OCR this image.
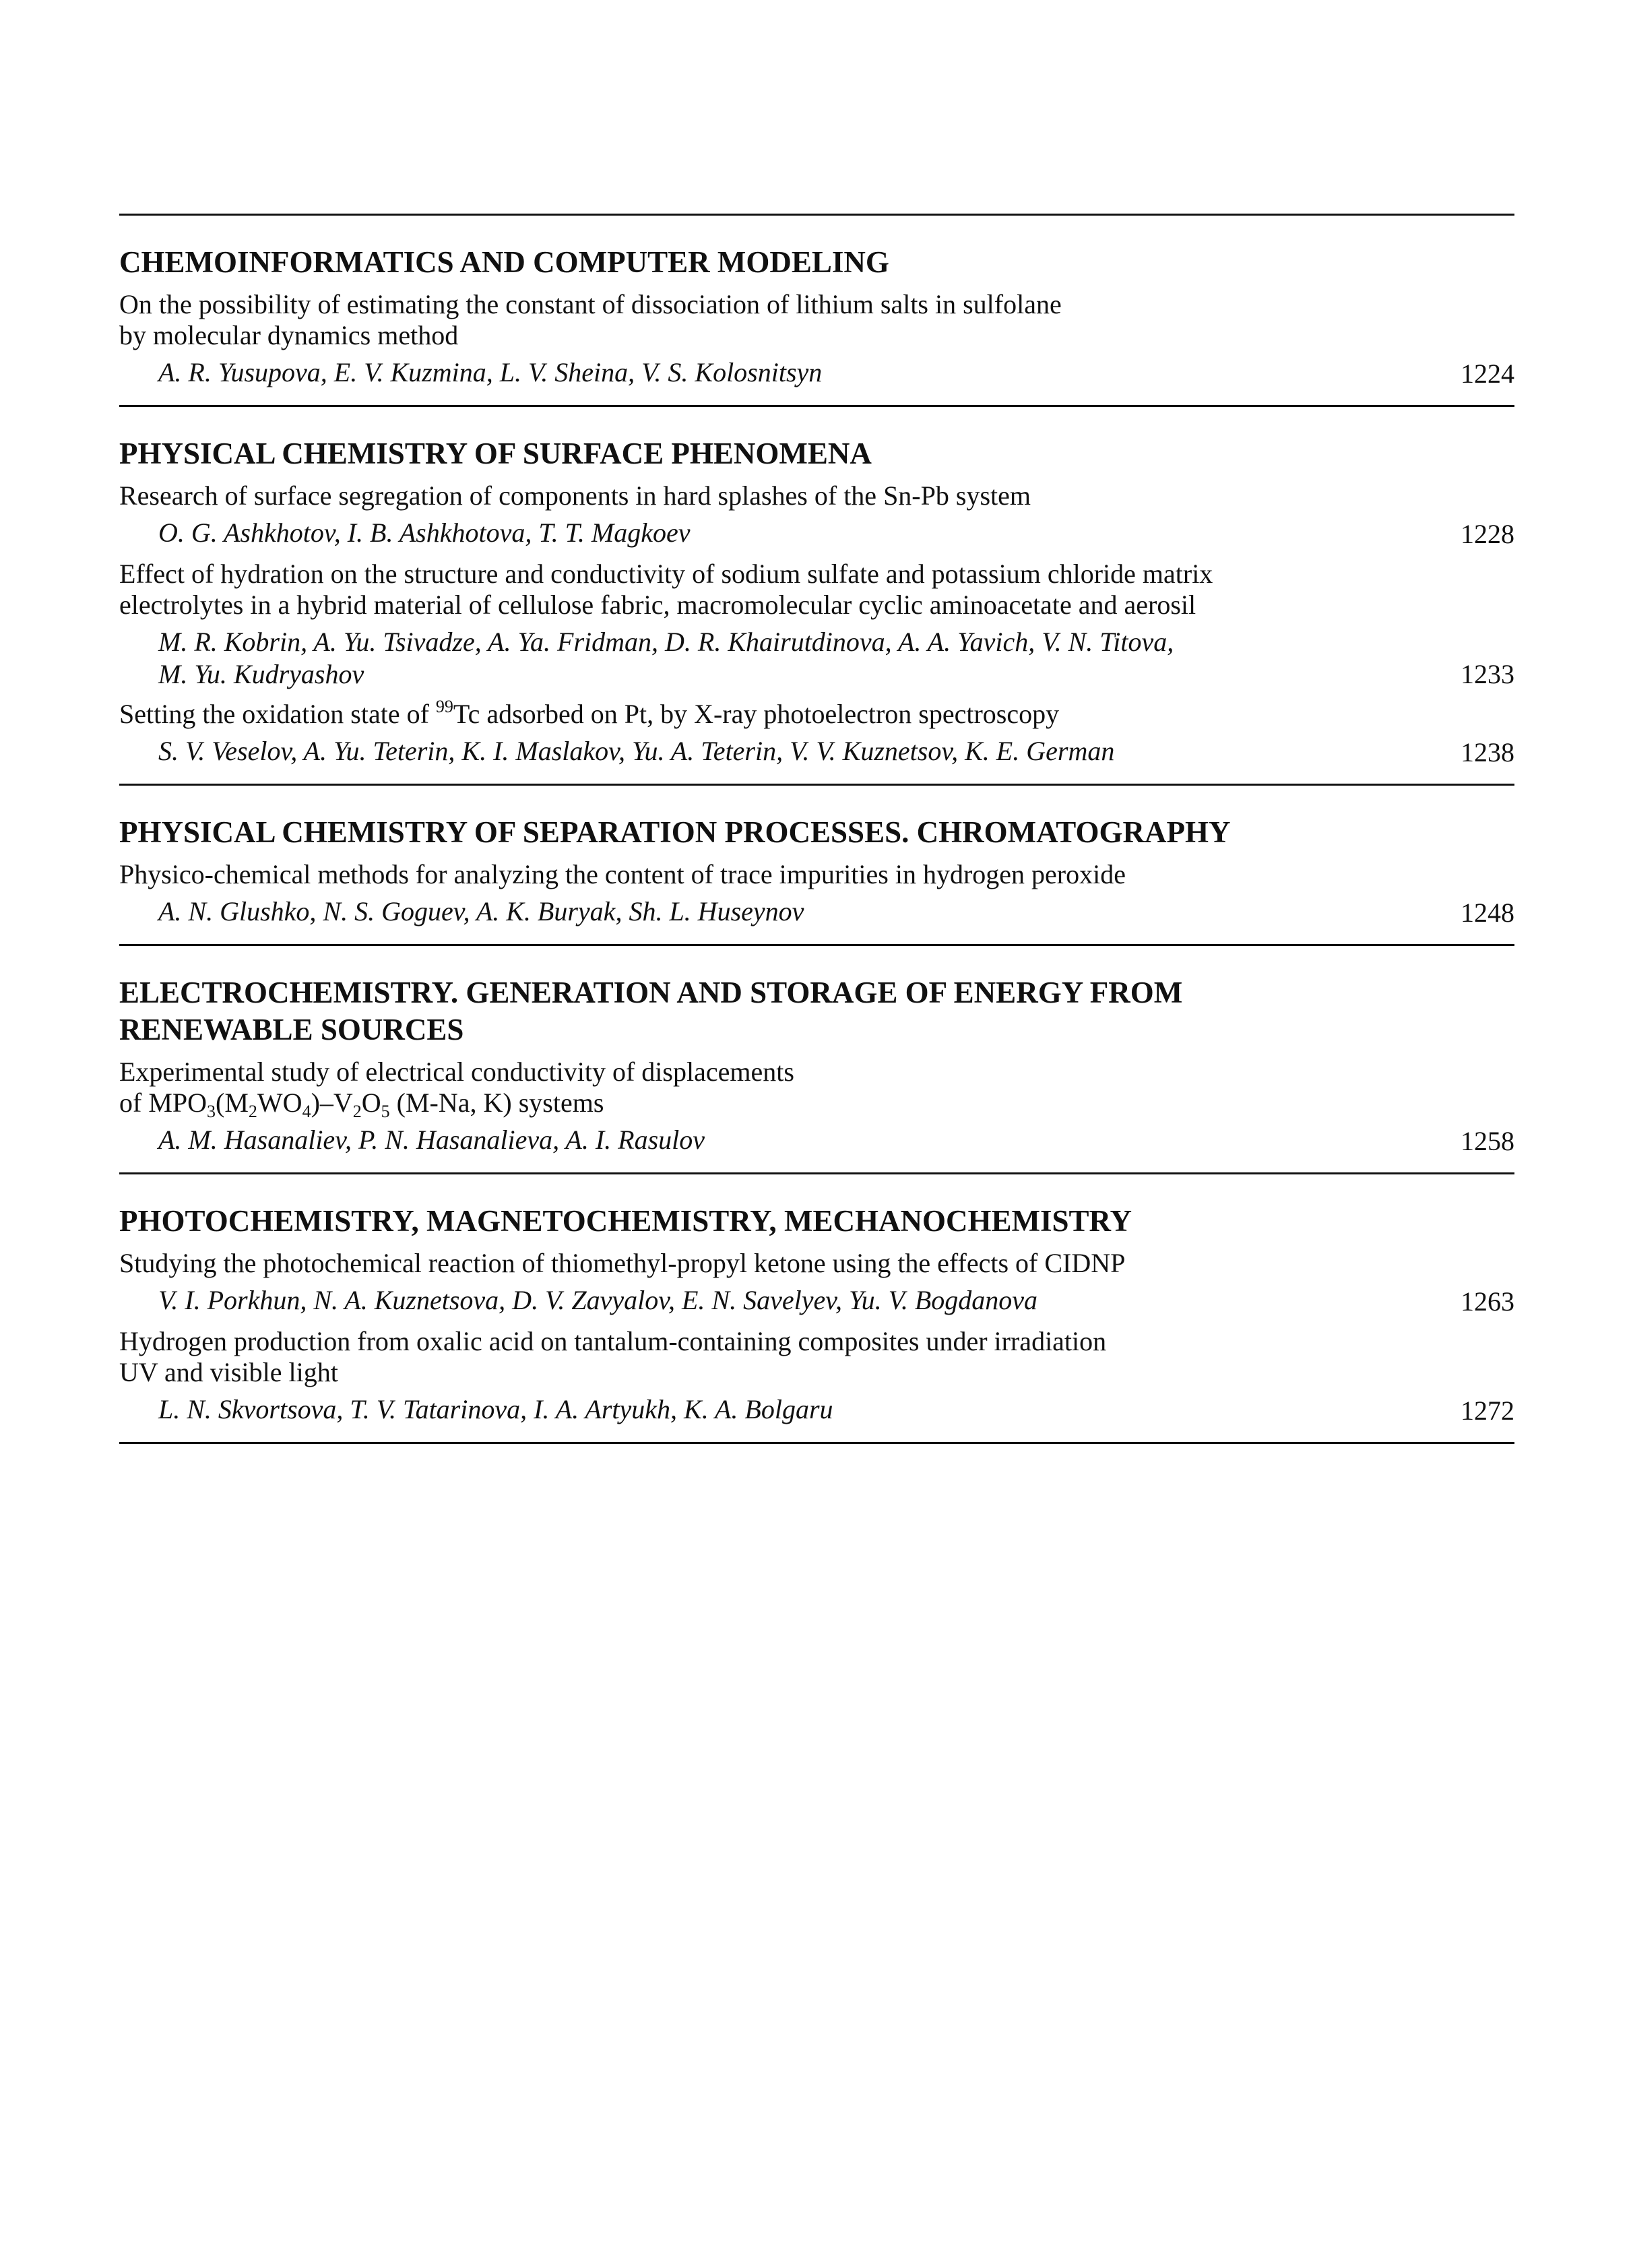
CHEMOINFORMATICS AND COMPUTER MODELING
On the possibility of estimating the constant of dissociation of lithium salts in sulfolane
by molecular dynamics method
A. R. Yusupova, E. V. Kuzmina, L. V. Sheina, V. S. Kolosnitsyn	1224
PHYSICAL CHEMISTRY OF SURFACE PHENOMENA
Research of surface segregation of components in hard splashes of the Sn-Pb system
O. G. Ashkhotov, I. B. Ashkhotova, T. T. Magkoev	1228
Effect of hydration on the structure and conductivity of sodium sulfate and potassium chloride matrix
electrolytes in a hybrid material of cellulose fabric, macromolecular cyclic aminoacetate and aerosil
M. R. Kobrin, A. Yu. Tsivadze, A. Ya. Fridman, D. R. Khairutdinova, A. A. Yavich, V. N. Titova,
M. Yu. Kudryashov	1233
Setting the oxidation state of $^{99}$Tc adsorbed on Pt, by X-ray photoelectron spectroscopy
S. V. Veselov, A. Yu. Teterin, K. I. Maslakov, Yu. A. Teterin, V. V. Kuznetsov, K. E. German	1238
PHYSICAL CHEMISTRY OF SEPARATION PROCESSES. CHROMATOGRAPHY
Physico-chemical methods for analyzing the content of trace impurities in hydrogen peroxide
A. N. Glushko, N. S. Goguev, A. K. Buryak, Sh. L. Huseynov	1248
ELECTROCHEMISTRY. GENERATION AND STORAGE OF ENERGY FROM
RENEWABLE SOURCES
Experimental study of electrical conductivity of displacements
of $MPO_3(M_2WO_4)-V_2O_5$ (M-Na, K) systems
A. M. Hasanaliev, P. N. Hasanalieva, A. I. Rasulov	1258
PHOTOCHEMISTRY, MAGNETOCHEMISTRY, MECHANOCHEMISTRY
Studying the photochemical reaction of thiomethyl-propyl ketone using the effects of CIDNP
V. I. Porkhun, N. A. Kuznetsova, D. V. Zavyalov, E. N. Savelyev, Yu. V. Bogdanova	1263
Hydrogen production from oxalic acid on tantalum-containing composites under irradiation
UV and visible light
L. N. Skvortsova, T. V. Tatarinova, I. A. Artyukh, K. A. Bolgaru	1272
